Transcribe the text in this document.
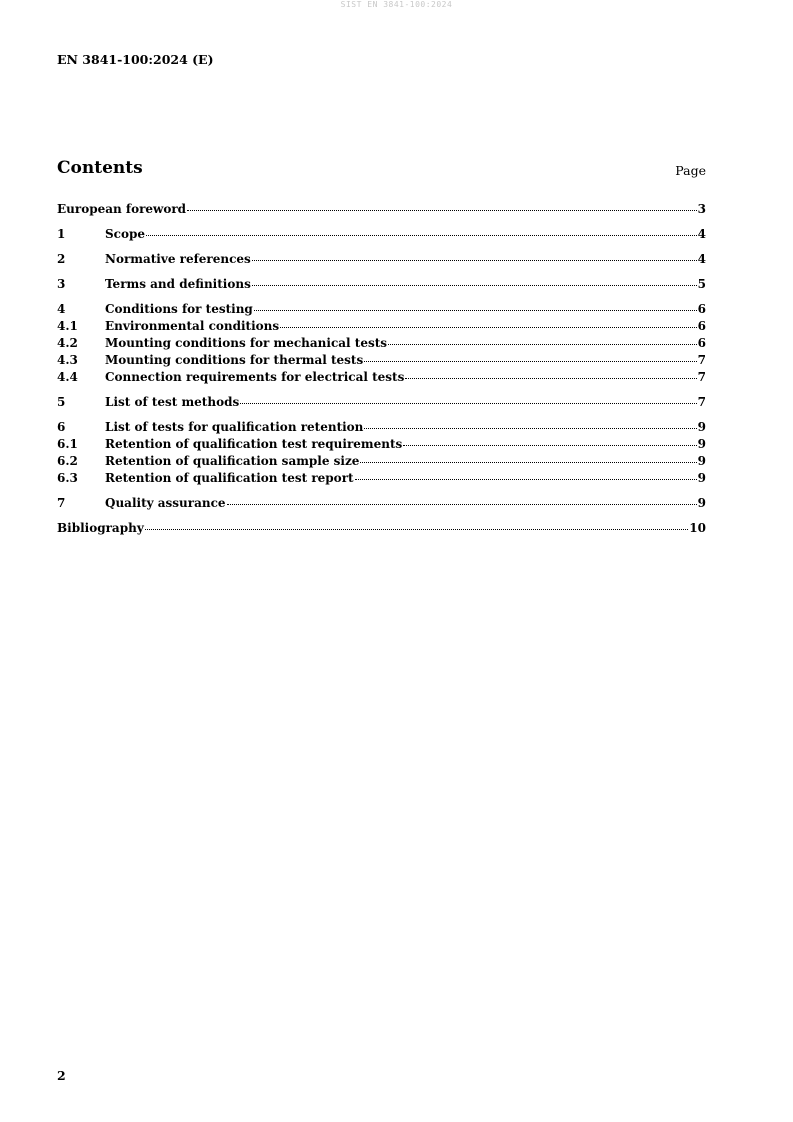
SIST EN 3841-100:2024
EN 3841-100:2024 (E)
Contents	Page
European foreword	3
1	Scope	4
2	Normative references	4
3	Terms and definitions	5
4	Conditions for testing	6
4.1	Environmental conditions	6
4.2	Mounting conditions for mechanical tests	6
4.3	Mounting conditions for thermal tests	7
4.4	Connection requirements for electrical tests	7
5	List of test methods	7
6	List of tests for qualification retention	9
6.1	Retention of qualification test requirements	9
6.2	Retention of qualification sample size	9
6.3	Retention of qualification test report	9
7	Quality assurance	9
Bibliography	10
2
